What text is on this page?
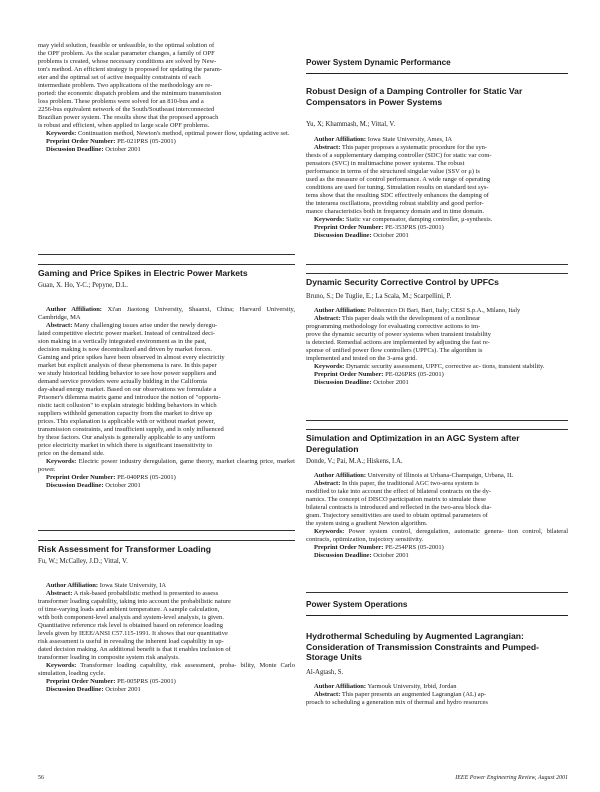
may yield solution, feasible or unfeasible, to the optimal solution of

the OPF problem. As the scalar parameter changes, a family of OPF

problems is created, whose necessary conditions are solved by New-

ton's method. An efficient strategy is proposed for updating the param-

eter and the optimal set of active inequality constraints of each

intermediate problem. Two applications of the methodology are re-

ported: the economic dispatch problem and the minimum transmission

loss problem. These problems were solved for an 810-bus and a

2256-bus equivalent network of the South/Southeast interconnected

Brazilian power system. The results show that the proposed approach

is robust and efficient, when applied to large scale OPF problems.

Keywords: Continuation method, Newton's method, optimal power flow, updating active set.

Preprint Order Number: PE-021PRS (05-2001)

Discussion Deadline: October 2001

Gaming and Price Spikes in Electric Power Markets

Guan, X. Ho, Y-C.; Pepyne, D.L.

Author Affiliation: Xi'an Jiaotong University, Shaanxi, China; Harvard University, Cambridge, MA

Abstract: Many challenging issues arise under the newly deregu-

lated competitive electric power market. Instead of centralized deci-

sion making in a vertically integrated environment as in the past,

decision making is now decentralized and driven by market forces.

Gaming and price spikes have been observed in almost every electricity

market but explicit analysis of these phenomena is rare. In this paper

we study historical bidding behavior to see how power suppliers and

demand service providers were actually bidding in the California

day-ahead energy market. Based on our observations we formulate a

Prisoner's dilemma matrix game and introduce the notion of "opportu-

nistic tacit collusion" to explain strategic bidding behaviors in which

suppliers withhold generation capacity from the market to drive up

prices. This explanation is applicable with or without market power,

transmission constraints, and insufficient supply, and is only influenced

by these factors. Our analysis is generally applicable to any uniform

price electricity market in which there is significant insensitivity to

price on the demand side.

Keywords: Electric power industry deregulation, game theory, market clearing price, market power.

Preprint Order Number: PE-040PRS (05-2001)

Discussion Deadline: October 2001

Risk Assessment for Transformer Loading

Fu, W.; McCalley, J.D.; Vittal, V.

Author Affiliation: Iowa State University, IA

Abstract: A risk-based probabilistic method is presented to assess

transformer loading capability, taking into account the probabilistic nature

of time-varying loads and ambient temperature. A sample calculation,

with both component-level analysis and system-level analysis, is given.

Quantitative reference risk level is obtained based on reference loading

levels given by IEEE/ANSI C57.115-1991. It shows that our quantitative

risk assessment is useful in revealing the inherent load capability in up-

dated decision making. An additional benefit is that it enables inclusion of

transformer loading in composite system risk analysis.

Keywords: Transformer loading capability, risk assessment, proba- bility, Monte Carlo simulation, loading cycle.

Preprint Order Number: PE-005PRS (05-2001)

Discussion Deadline: October 2001

56
Power System Dynamic Performance

Robust Design of a Damping Controller for Static Var Compensators in Power Systems

Yu, X; Khammash, M.; Vittal, V.

Author Affiliation: Iowa State University, Ames, IA

Abstract: This paper proposes a systematic procedure for the syn-

thesis of a supplementary damping controller (SDC) for static var com-

pensators (SVC) in multimachine power systems. The robust

performance in terms of the structured singular value (SSV or μ) is

used as the measure of control performance. A wide range of operating

conditions are used for tuning. Simulation results on standard test sys-

tems show that the resulting SDC effectively enhances the damping of

the interarea oscillations, providing robust stability and good perfor-

mance characteristics both in frequency domain and in time domain.

Keywords: Static var compensator, damping controller, μ-synthesis.

Preprint Order Number: PE-353PRS (05-2001)

Discussion Deadline: October 2001

Dynamic Security Corrective Control by UPFCs

Bruno, S.; De Tuglie, E.; La Scala, M.; Scarpellini, P.

Author Affiliation: Politecnico Di Bari, Bari, Italy; CESI S.p.A., Milano, Italy

Abstract: This paper deals with the development of a nonlinear

programming methodology for evaluating corrective actions to im-

prove the dynamic security of power systems when transient instability

is detected. Remedial actions are implemented by adjusting the fast re-

sponse of unified power flow controllers (UPFCs). The algorithm is

implemented and tested on the 3-area grid.

Keywords: Dynamic security assessment, UPFC, corrective ac- tions, transient stability.

Preprint Order Number: PE-026PRS (05-2001)

Discussion Deadline: October 2001

Simulation and Optimization in an AGC System after Deregulation

Donde, V.; Pai, M.A.; Hiskens, I.A.

Author Affiliation: University of Illinois at Urbana-Champaign, Urbana, IL

Abstract: In this paper, the traditional AGC two-area system is

modified to take into account the effect of bilateral contracts on the dy-

namics. The concept of DISCO participation matrix to simulate these

bilateral contracts is introduced and reflected in the two-area block dia-

gram. Trajectory sensitivities are used to obtain optimal parameters of

the system using a gradient Newton algorithm.

Keywords: Power system control, deregulation, automatic genera- tion control, bilateral contracts, optimization, trajectory sensitivity.

Preprint Order Number: PE-254PRS (05-2001)

Discussion Deadline: October 2001

Power System Operations

Hydrothermal Scheduling by Augmented Lagrangian: Consideration of Transmission Constraints and Pumped-Storage Units

Al-Agtash, S.

Author Affiliation: Yarmouk University, Irbid, Jordan

Abstract: This paper presents an augmented Lagrangian (AL) ap-

proach to scheduling a generation mix of thermal and hydro resources

IEEE Power Engineering Review, August 2001
